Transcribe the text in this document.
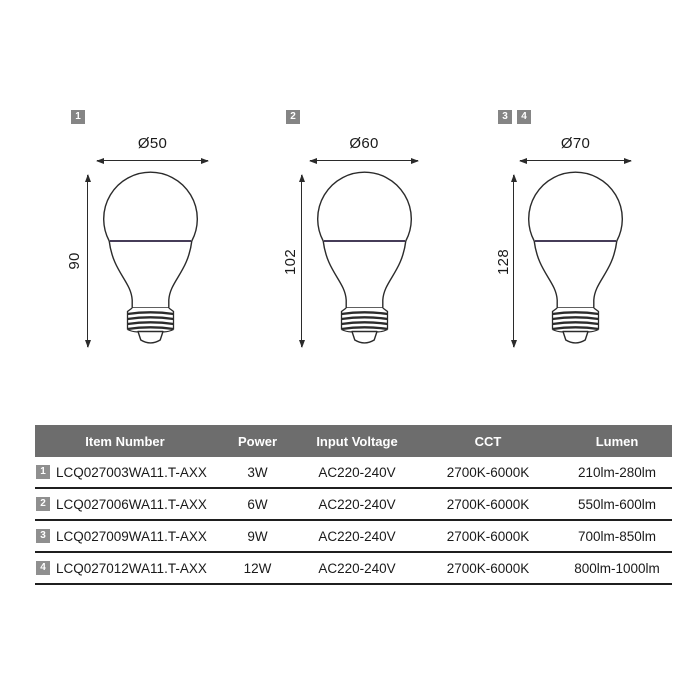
1
Ø50
90
2
Ø60
102
3	4
Ø70
128
Item Number	Power	Input Voltage	CCT	Lumen
1 LCQ027003WA11.T-AXX	3W	AC220-240V	2700K-6000K	210lm-280lm
2 LCQ027006WA11.T-AXX	6W	AC220-240V	2700K-6000K	550lm-600lm
3 LCQ027009WA11.T-AXX	9W	AC220-240V	2700K-6000K	700lm-850lm
4 LCQ027012WA11.T-AXX	12W	AC220-240V	2700K-6000K	800lm-1000lm
